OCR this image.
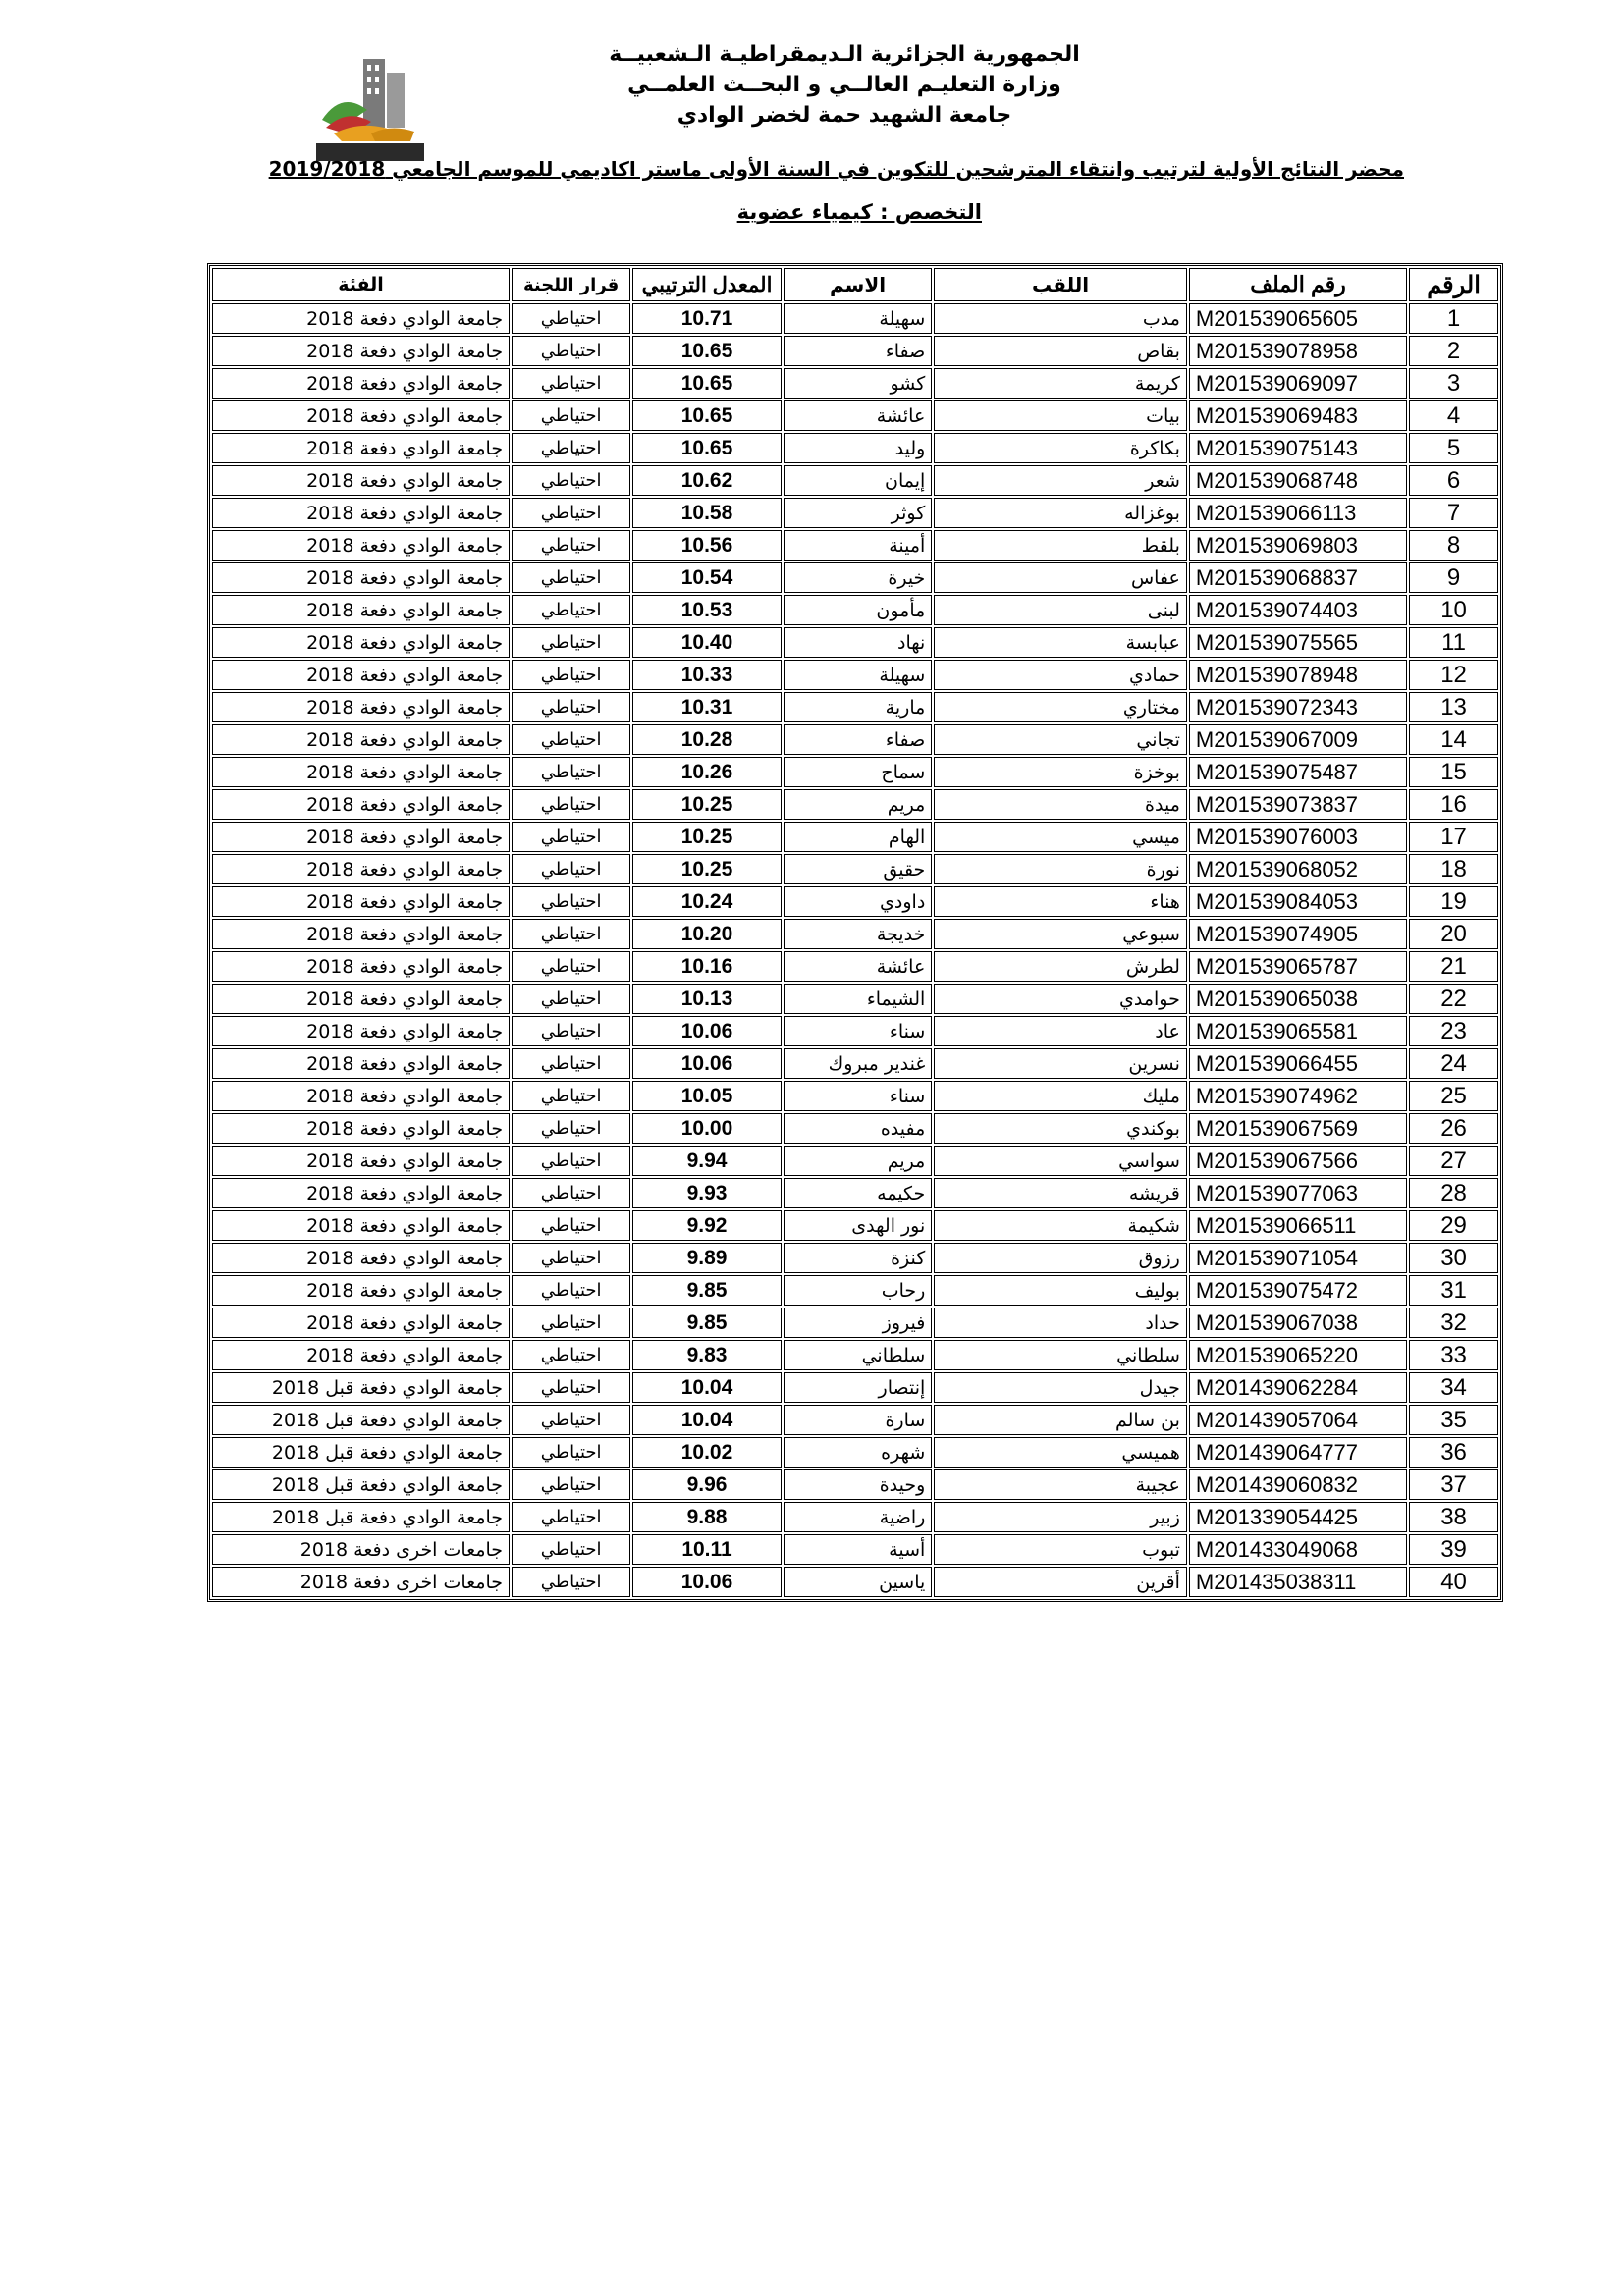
الجمهورية الجزائرية الـديمقراطيـة الـشعبيــة
وزارة التعليـم العالــي و البحــث العلمــي
جامعة الشهيد حمة لخضر الوادي
محضر النتائج الأولية لترتيب وانتقاء المترشحين للتكوين في السنة الأولى ماستر اكاديمي للموسم الجامعي 2019/2018
التخصص : كيمياء عضوية
الرقم	رقم الملف	اللقب	الاسم	المعدل الترتيبي	قرار اللجنة	الفئة
1	M201539065605	مدب	سهيلة	10.71	احتياطي	جامعة الوادي دفعة 2018
2	M201539078958	بقاص	صفاء	10.65	احتياطي	جامعة الوادي دفعة 2018
3	M201539069097	كريمة	كشو	10.65	احتياطي	جامعة الوادي دفعة 2018
4	M201539069483	بيات	عائشة	10.65	احتياطي	جامعة الوادي دفعة 2018
5	M201539075143	بكاكرة	وليد	10.65	احتياطي	جامعة الوادي دفعة 2018
6	M201539068748	شعر	إيمان	10.62	احتياطي	جامعة الوادي دفعة 2018
7	M201539066113	بوغزاله	كوثر	10.58	احتياطي	جامعة الوادي دفعة 2018
8	M201539069803	بلقط	أمينة	10.56	احتياطي	جامعة الوادي دفعة 2018
9	M201539068837	عفاس	خيرة	10.54	احتياطي	جامعة الوادي دفعة 2018
10	M201539074403	لبنى	مأمون	10.53	احتياطي	جامعة الوادي دفعة 2018
11	M201539075565	عبابسة	نهاد	10.40	احتياطي	جامعة الوادي دفعة 2018
12	M201539078948	حمادي	سهيلة	10.33	احتياطي	جامعة الوادي دفعة 2018
13	M201539072343	مختاري	مارية	10.31	احتياطي	جامعة الوادي دفعة 2018
14	M201539067009	تجاني	صفاء	10.28	احتياطي	جامعة الوادي دفعة 2018
15	M201539075487	بوخزة	سماح	10.26	احتياطي	جامعة الوادي دفعة 2018
16	M201539073837	ميدة	مريم	10.25	احتياطي	جامعة الوادي دفعة 2018
17	M201539076003	ميسي	الهام	10.25	احتياطي	جامعة الوادي دفعة 2018
18	M201539068052	نورة	حقيق	10.25	احتياطي	جامعة الوادي دفعة 2018
19	M201539084053	هناء	داودي	10.24	احتياطي	جامعة الوادي دفعة 2018
20	M201539074905	سبوعي	خديجة	10.20	احتياطي	جامعة الوادي دفعة 2018
21	M201539065787	لطرش	عائشة	10.16	احتياطي	جامعة الوادي دفعة 2018
22	M201539065038	حوامدي	الشيماء	10.13	احتياطي	جامعة الوادي دفعة 2018
23	M201539065581	عاد	سناء	10.06	احتياطي	جامعة الوادي دفعة 2018
24	M201539066455	نسرين	غندير مبروك	10.06	احتياطي	جامعة الوادي دفعة 2018
25	M201539074962	مليك	سناء	10.05	احتياطي	جامعة الوادي دفعة 2018
26	M201539067569	بوكندي	مفيده	10.00	احتياطي	جامعة الوادي دفعة 2018
27	M201539067566	سواسي	مريم	9.94	احتياطي	جامعة الوادي دفعة 2018
28	M201539077063	قريشه	حكيمه	9.93	احتياطي	جامعة الوادي دفعة 2018
29	M201539066511	شكيمة	نور الهدى	9.92	احتياطي	جامعة الوادي دفعة 2018
30	M201539071054	رزوق	كنزة	9.89	احتياطي	جامعة الوادي دفعة 2018
31	M201539075472	بوليف	رحاب	9.85	احتياطي	جامعة الوادي دفعة 2018
32	M201539067038	حداد	فيروز	9.85	احتياطي	جامعة الوادي دفعة 2018
33	M201539065220	سلطاني	سلطاني	9.83	احتياطي	جامعة الوادي دفعة 2018
34	M201439062284	جيدل	إنتصار	10.04	احتياطي	جامعة الوادي دفعة قبل 2018
35	M201439057064	بن سالم	سارة	10.04	احتياطي	جامعة الوادي دفعة قبل 2018
36	M201439064777	هميسي	شهره	10.02	احتياطي	جامعة الوادي دفعة قبل 2018
37	M201439060832	عجيبة	وحيدة	9.96	احتياطي	جامعة الوادي دفعة قبل 2018
38	M201339054425	زبير	راضية	9.88	احتياطي	جامعة الوادي دفعة قبل 2018
39	M201433049068	تبوب	أسية	10.11	احتياطي	جامعات اخرى دفعة 2018
40	M201435038311	أقرين	ياسين	10.06	احتياطي	جامعات اخرى دفعة 2018
